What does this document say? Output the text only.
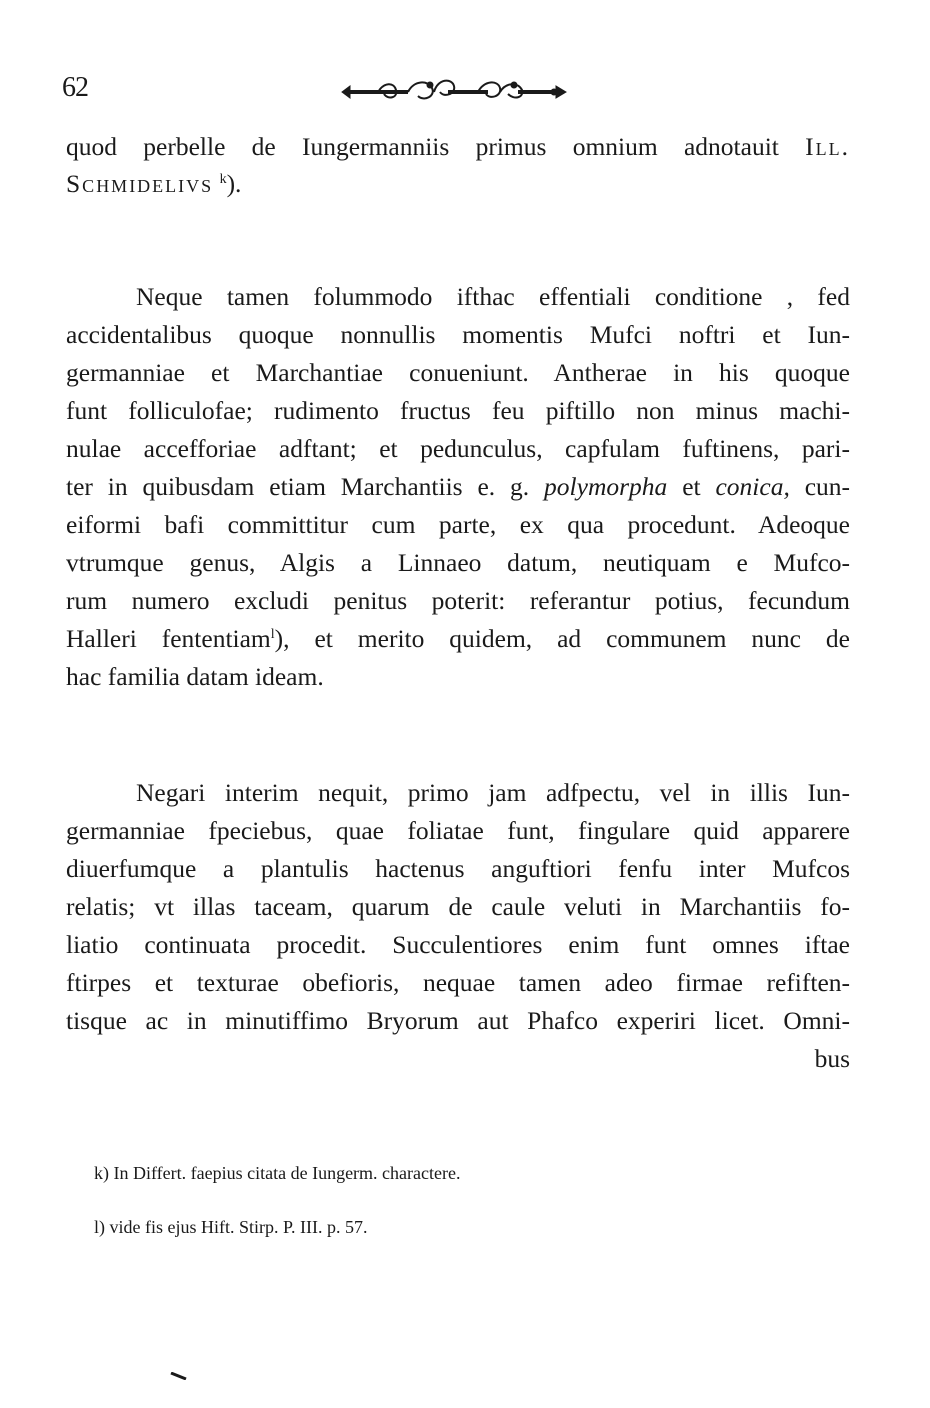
62
quod perbelle de Iungermanniis primus omnium adnotauit Ill.
Schmidelivs $^k$).
Neque tamen folummodo ifthac effentiali conditione , fed
accidentalibus quoque nonnullis momentis Mufci noftri et Iun-
germanniae et Marchantiae conueniunt. Antherae in his quoque
funt folliculofae; rudimento fructus feu piftillo non minus machi-
nulae accefforiae adftant; et pedunculus, capfulam fuftinens, pari-
ter in quibusdam etiam Marchantiis e. g. polymorpha et conica, cun-
eiformi bafi committitur cum parte, ex qua procedunt. Adeoque
vtrumque genus, Algis a Linnaeo datum, neutiquam e Mufco-
rum numero excludi penitus poterit: referantur potius, fecundum
Halleri fententiam$^l$), et merito quidem, ad communem nunc de
hac familia datam ideam.
Negari interim nequit, primo jam adfpectu, vel in illis Iun-
germanniae fpeciebus, quae foliatae funt, fingulare quid apparere
diuerfumque a plantulis hactenus anguftiori fenfu inter Mufcos
relatis; vt illas taceam, quarum de caule veluti in Marchantiis fo-
liatio continuata procedit. Succulentiores enim funt omnes iftae
ftirpes et texturae obefioris, nequae tamen adeo firmae refiften-
tisque ac in minutiffimo Bryorum aut Phafco experiri licet. Omni-
bus
k) In Differt. faepius citata de Iungerm. charactere.
l) vide fis ejus Hift. Stirp. P. III. p. 57.
